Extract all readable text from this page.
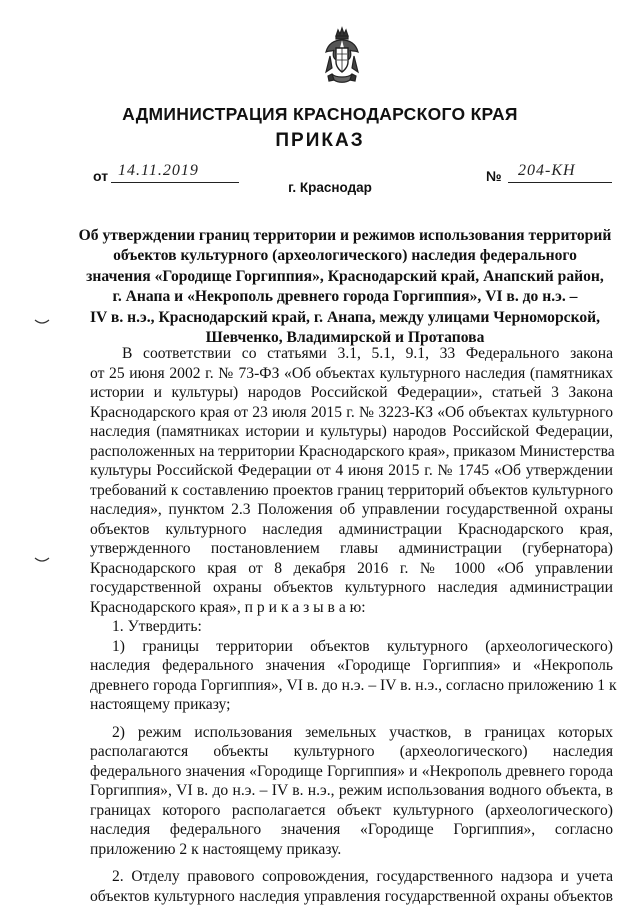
АДМИНИСТРАЦИЯ КРАСНОДАРСКОГО КРАЯ
ПРИКАЗ
от 14.11.2019	№ 204-КН
г. Краснодар
Об утверждении границ территории и режимов использования территорий
объектов культурного (археологического) наследия федерального
значения «Городище Горгиппия», Краснодарский край, Анапский район,
г. Анапа и «Некрополь древнего города Горгиппия», VI в. до н.э. –
IV в. н.э., Краснодарский край, г. Анапа, между улицами Черноморской,
Шевченко, Владимирской и Протапова
В соответствии со статьями 3.1, 5.1, 9.1, 33 Федерального закона
от 25 июня 2002 г. № 73-ФЗ «Об объектах культурного наследия (памятниках
истории и культуры) народов Российской Федерации», статьей 3 Закона
Краснодарского края от 23 июля 2015 г. № 3223-КЗ «Об объектах культурного
наследия (памятниках истории и культуры) народов Российской Федерации,
расположенных на территории Краснодарского края», приказом Министерства
культуры Российской Федерации от 4 июня 2015 г. № 1745 «Об утверждении
требований к составлению проектов границ территорий объектов культурного
наследия», пунктом 2.3 Положения об управлении государственной охраны
объектов культурного наследия администрации Краснодарского края,
утвержденного постановлением главы администрации (губернатора)
Краснодарского края от 8 декабря 2016 г. № 1000 «Об управлении
государственной охраны объектов культурного наследия администрации
Краснодарского края», п р и к а з ы в а ю:
1. Утвердить:
1) границы территории объектов культурного (археологического)
наследия федерального значения «Городище Горгиппия» и «Некрополь
древнего города Горгиппия», VI в. до н.э. – IV в. н.э., согласно приложению 1 к
настоящему приказу;
2) режим использования земельных участков, в границах которых
располагаются объекты культурного (археологического) наследия
федерального значения «Городище Горгиппия» и «Некрополь древнего города
Горгиппия», VI в. до н.э. – IV в. н.э., режим использования водного объекта, в
границах которого располагается объект культурного (археологического)
наследия федерального значения «Городище Горгиппия», согласно
приложению 2 к настоящему приказу.
2. Отделу правового сопровождения, государственного надзора и учета
объектов культурного наследия управления государственной охраны объектов
